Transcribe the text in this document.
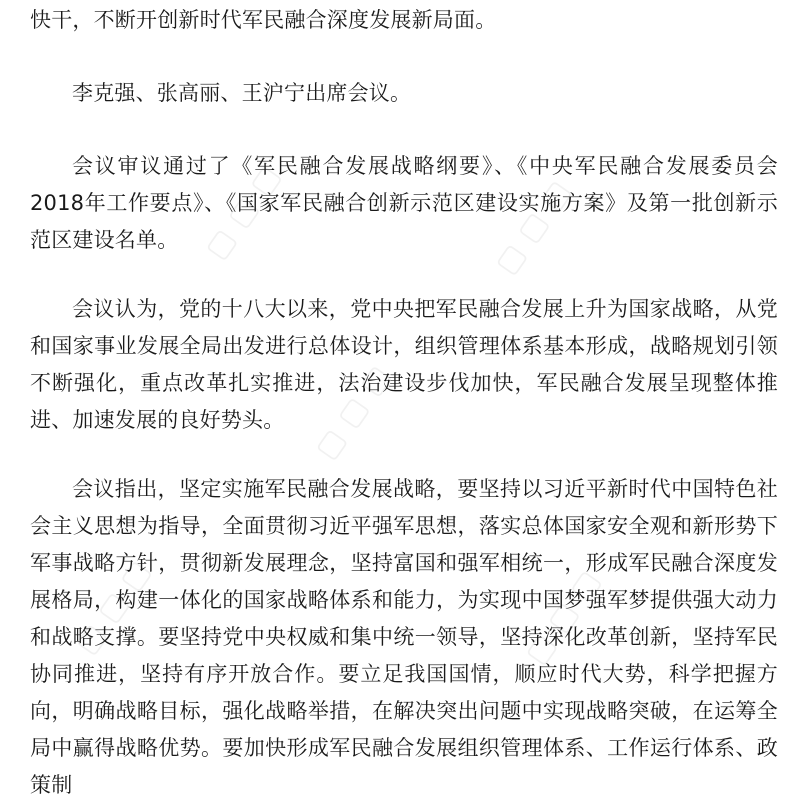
▢ ▢ ▢	▢ ▢ ▢
▢ ▢ ▢
▢ ▢ ▢	▢ ▢ ▢

快干，不断开创新时代军民融合深度发展新局面。

李克强、张高丽、王沪宁出席会议。

会议审议通过了《军民融合发展战略纲要》、《中央军民融合发展委员会2018年工作要点》、《国家军民融合创新示范区建设实施方案》及第一批创新示范区建设名单。

会议认为，党的十八大以来，党中央把军民融合发展上升为国家战略，从党和国家事业发展全局出发进行总体设计，组织管理体系基本形成，战略规划引领不断强化，重点改革扎实推进，法治建设步伐加快，军民融合发展呈现整体推进、加速发展的良好势头。

会议指出，坚定实施军民融合发展战略，要坚持以习近平新时代中国特色社会主义思想为指导，全面贯彻习近平强军思想，落实总体国家安全观和新形势下军事战略方针，贯彻新发展理念，坚持富国和强军相统一，形成军民融合深度发展格局，构建一体化的国家战略体系和能力，为实现中国梦强军梦提供强大动力和战略支撑。要坚持党中央权威和集中统一领导，坚持深化改革创新，坚持军民协同推进，坚持有序开放合作。要立足我国国情，顺应时代大势，科学把握方向，明确战略目标，强化战略举措，在解决突出问题中实现战略突破，在运筹全局中赢得战略优势。要加快形成军民融合发展组织管理体系、工作运行体系、政策制
